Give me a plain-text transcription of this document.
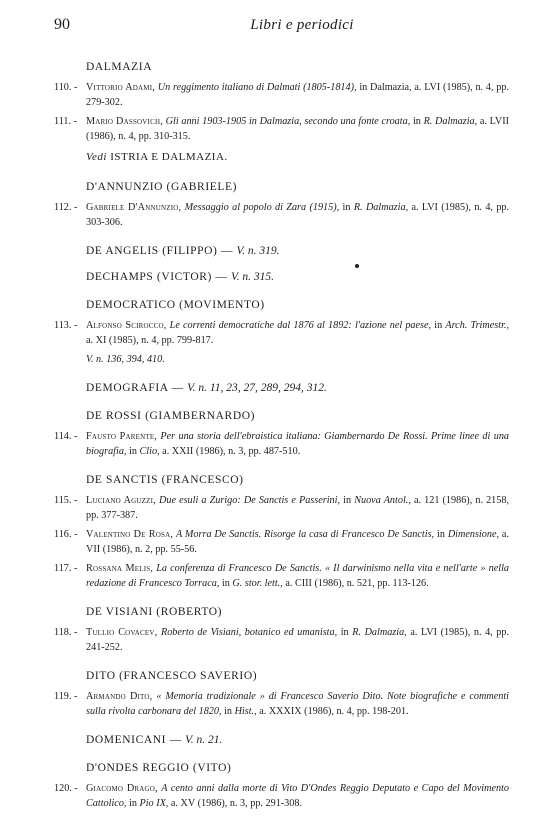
90	Libri e periodici
DALMAZIA
110. - Vittorio Adami, Un reggimento italiano di Dalmati (1805-1814), in Dalmazia, a. LVI (1985), n. 4, pp. 279-302.
111. - Mario Dassovich, Gli anni 1903-1905 in Dalmazia, secondo una fonte croata, in R. Dalmazia, a. LVII (1986), n. 4, pp. 310-315.
Vedi ISTRIA E DALMAZIA.
D'ANNUNZIO (GABRIELE)
112. - Gabriele D'Annunzio, Messaggio al popolo di Zara (1915), in R. Dalmazia, a. LVI (1985), n. 4, pp. 303-306.
DE ANGELIS (FILIPPO) — V. n. 319.
DECHAMPS (VICTOR) — V. n. 315.
DEMOCRATICO (MOVIMENTO)
113. - Alfonso Scirocco, Le correnti democratiche dal 1876 al 1892: l'azione nel paese, in Arch. Trimestr., a. XI (1985), n. 4, pp. 799-817.
V. n. 136, 394, 410.
DEMOGRAFIA — V. n. 11, 23, 27, 289, 294, 312.
DE ROSSI (GIAMBERNARDO)
114. - Fausto Parente, Per una storia dell'ebraistica italiana: Giambernardo De Rossi. Prime linee di una biografia, in Clio, a. XXII (1986), n. 3, pp. 487-510.
DE SANCTIS (FRANCESCO)
115. - Luciano Aguzzi, Due esuli a Zurigo: De Sanctis e Passerini, in Nuova Antol., a. 121 (1986), n. 2158, pp. 377-387.
116. - Valentino De Rosa, A Morra De Sanctis. Risorge la casa di Francesco De Sanctis, in Dimensione, a. VII (1986), n. 2, pp. 55-56.
117. - Rossana Melis, La conferenza di Francesco De Sanctis. « Il darwinismo nella vita e nell'arte » nella redazione di Francesco Torraca, in G. stor. lett., a. CIII (1986), n. 521, pp. 113-126.
DE VISIANI (ROBERTO)
118. - Tullio Covacev, Roberto de Visiani, botanico ed umanista, in R. Dalmazia, a. LVI (1985), n. 4, pp. 241-252.
DITO (FRANCESCO SAVERIO)
119. - Armando Dito, « Memoria tradizionale » di Francesco Saverio Dito. Note biografiche e commenti sulla rivolta carbonara del 1820, in Hist., a. XXXIX (1986), n. 4, pp. 198-201.
DOMENICANI — V. n. 21.
D'ONDES REGGIO (VITO)
120. - Giacomo Drago, A cento anni dalla morte di Vito D'Ondes Reggio Deputato e Capo del Movimento Cattolico, in Pio IX, a. XV (1986), n. 3, pp. 291-308.
